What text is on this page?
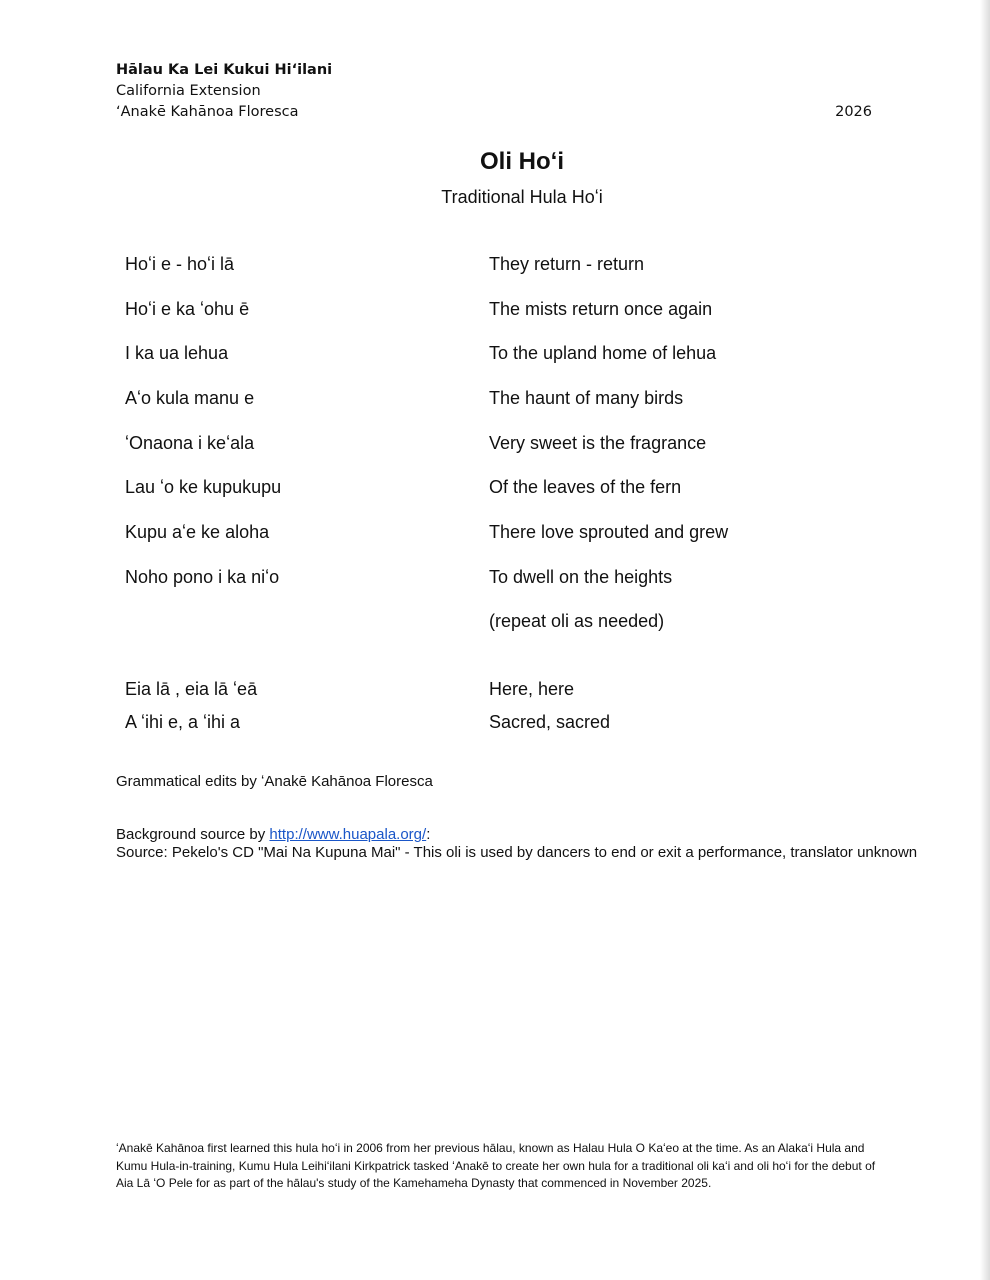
Hālau Ka Lei Kukui Hiʻilani
California Extension
ʻAnakē Kahānoa Floresca	2026
Oli Hoʻi
Traditional Hula Hoʻi
Hoʻi e - hoʻi lā	They return - return
Hoʻi e ka ʻohu ē	The mists return once again
I ka ua lehua	To the upland home of lehua
Aʻo kula manu e	The haunt of many birds
ʻOnaona i keʻala	Very sweet is the fragrance
Lau ʻo ke kupukupu	Of the leaves of the fern
Kupu aʻe ke aloha	There love sprouted and grew
Noho pono i ka niʻo	To dwell on the heights
(repeat oli as needed)
Eia lā , eia lā ʻeā	Here, here
A ʻihi e, a ʻihi a	Sacred, sacred
Grammatical edits by ʻAnakē Kahānoa Floresca
Background source by http://www.huapala.org/:
Source: Pekelo's CD "Mai Na Kupuna Mai" - This oli is used by dancers to end or exit a performance, translator unknown
ʻAnakē Kahānoa first learned this hula hoʻi in 2006 from her previous hālau, known as Halau Hula O Kaʻeo at the time. As an Alakaʻi Hula and Kumu Hula-in-training, Kumu Hula Leihiʻilani Kirkpatrick tasked ʻAnakē to create her own hula for a traditional oli kaʻi and oli hoʻi for the debut of Aia Lā ʻO Pele for as part of the hālau's study of the Kamehameha Dynasty that commenced in November 2025.
